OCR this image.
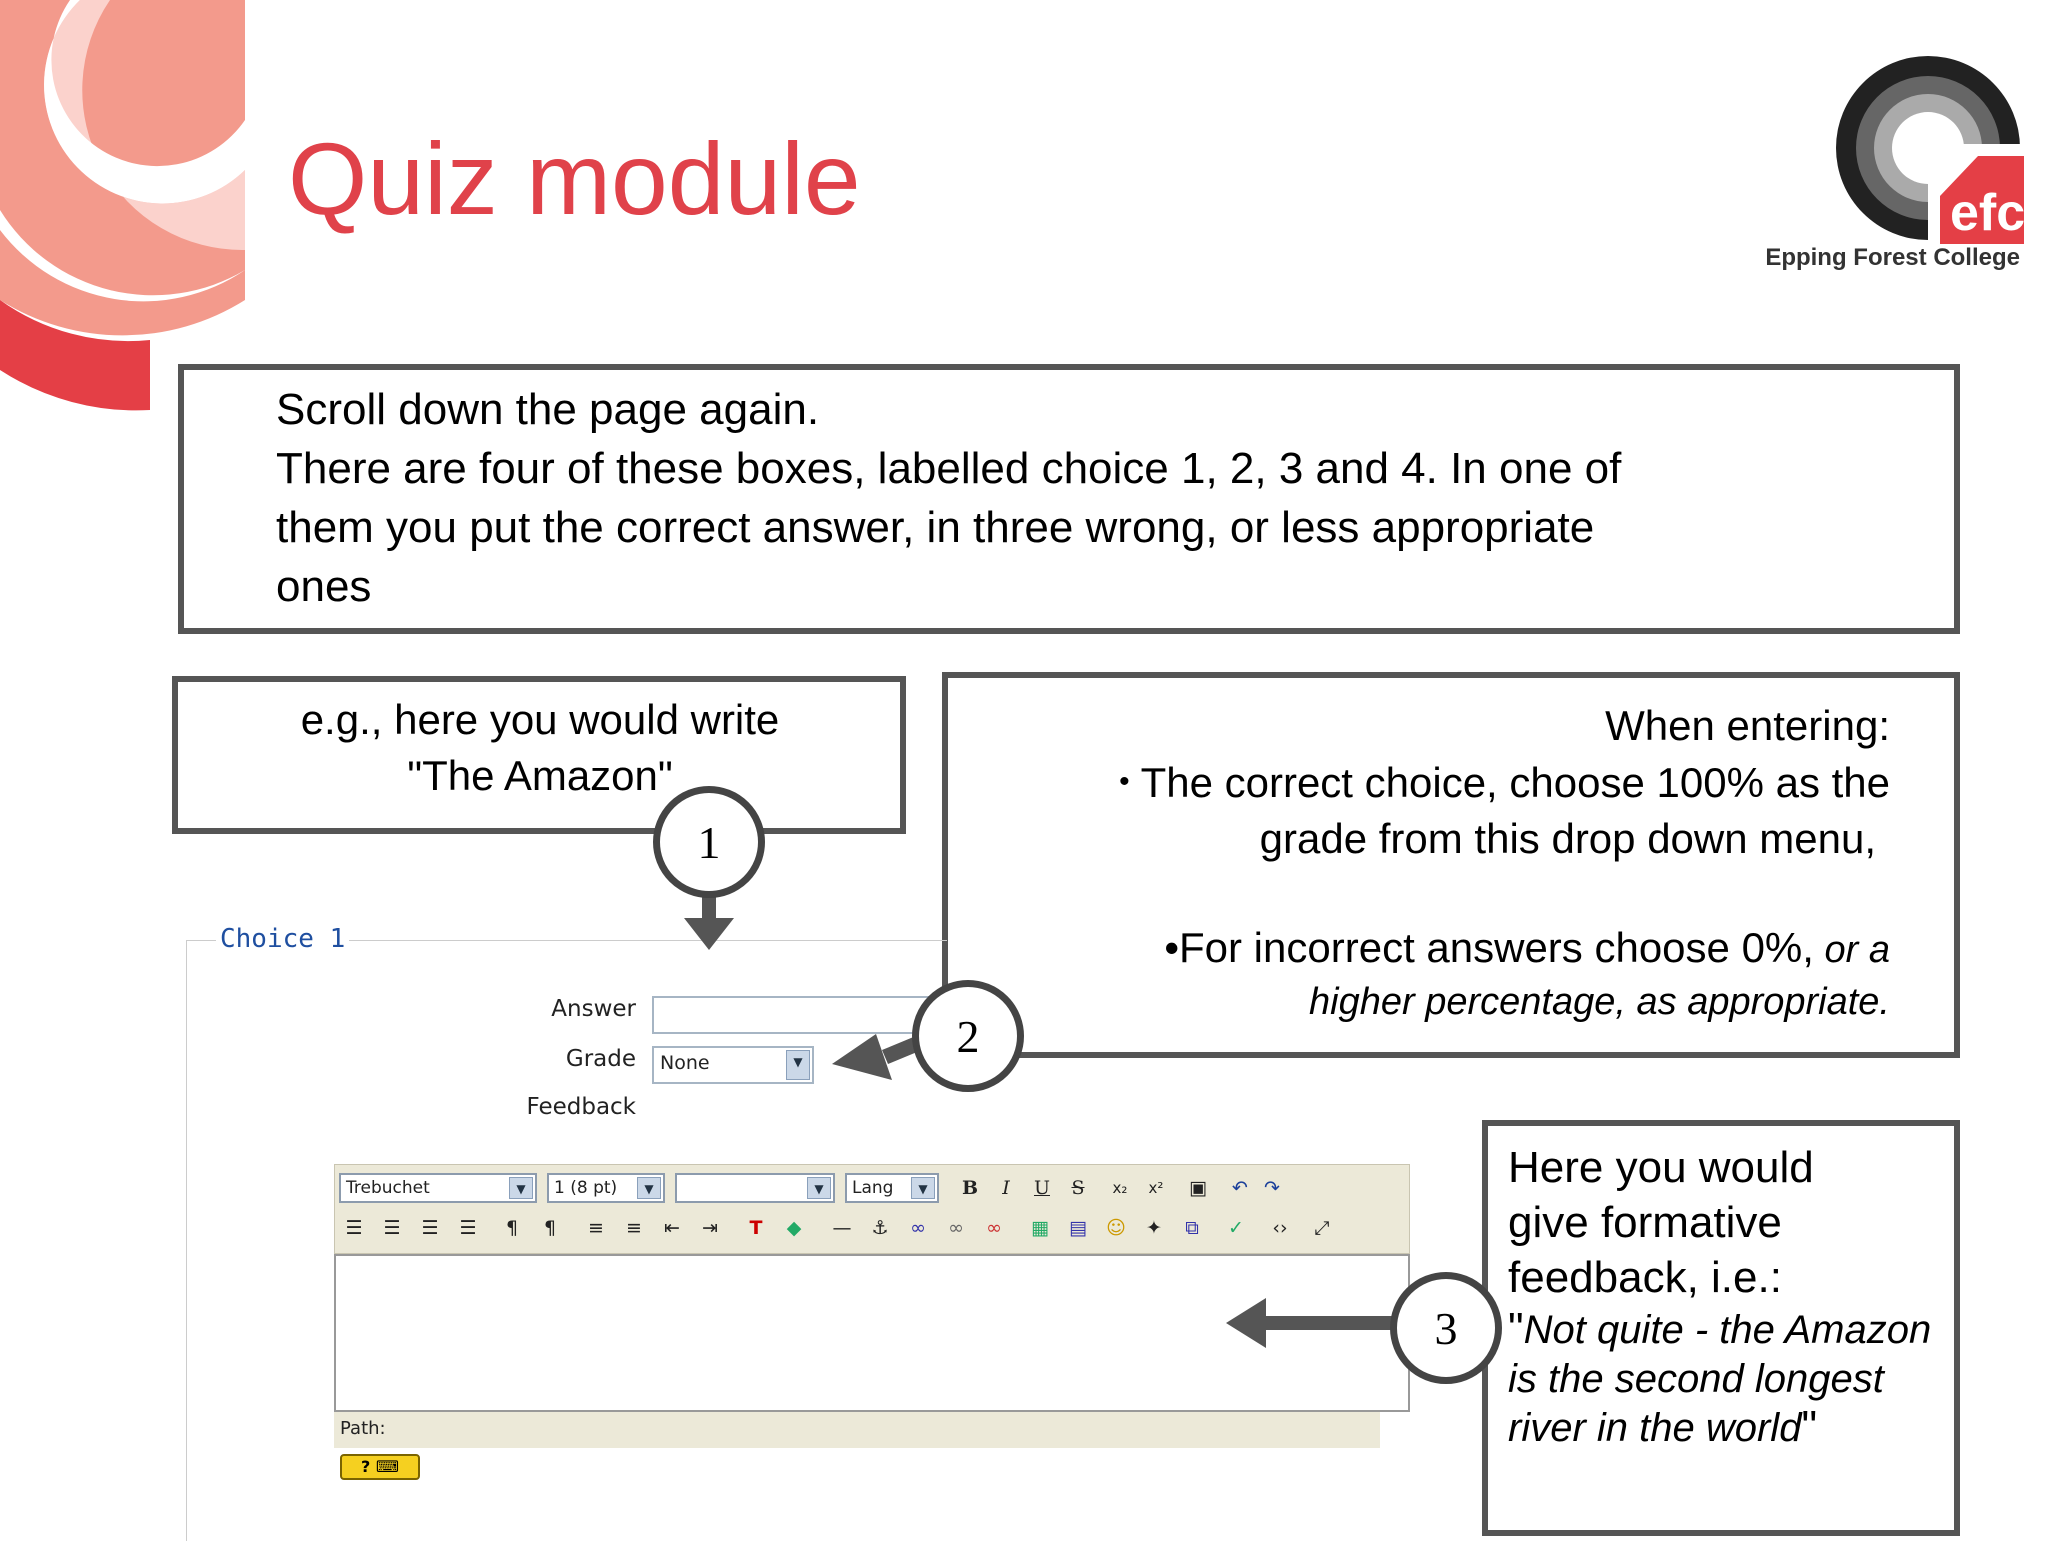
Quiz module	efc
Epping Forest College
Scroll down the page again.
There are four of these boxes, labelled choice 1, 2, 3 and 4. In one of
them you put the correct answer, in three wrong, or less appropriate
ones
e.g., here you would write
"The Amazon"
When entering:
• The correct choice, choose 100% as the
grade from this drop down menu,
•For incorrect answers choose 0%, or a
higher percentage, as appropriate.
Here you would
give formative
feedback, i.e.:
"Not quite - the Amazon is the second longest river in the world"
Choice 1
Answer
Grade	None	▼
Feedback
Trebuchet	▼	1 (8 pt)	▼	▼	Lang	▼	B	I	U	S	x₂	x²	▣	↶ ↷
☰	☰	☰	☰	¶	¶	≡	≡	⇤	⇥	T	◆	—	⚓	∞	∞	∞	▦	▤	☺	✦	⧉	✓	‹›	⤢
Path:
? ⌨
1
2
3
